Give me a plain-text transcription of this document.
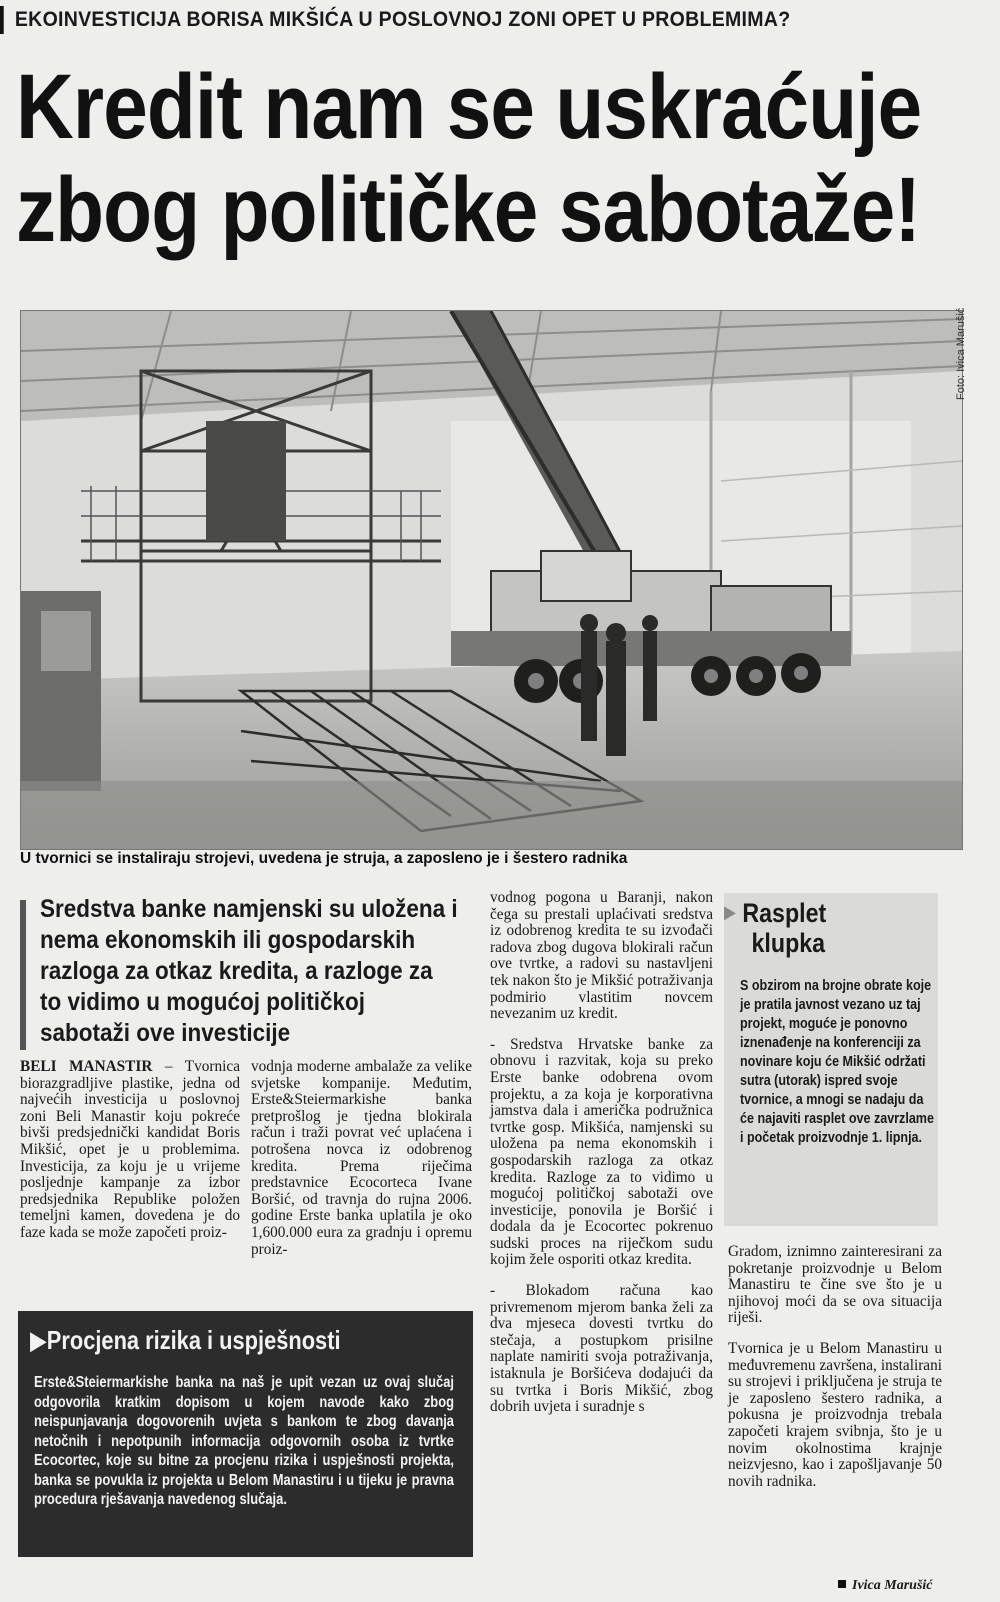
EKOINVESTICIJA BORISA MIKŠIĆA U POSLOVNOJ ZONI OPET U PROBLEMIMA?
Kredit nam se uskraćuje
zbog političke sabotaže!
Foto: Ivica Marušić
U tvornici se instaliraju strojevi, uvedena je struja, a zaposleno je i šestero radnika
Sredstva banke namjenski su uložena i
nema ekonomskih ili gospodarskih
razloga za otkaz kredita, a razloge za
to vidimo u mogućoj političkoj
sabotaži ove investicije

BELI MANASTIR – Tvornica biorazgradljive plastike, jedna od najvećih investicija u poslovnoj zoni Beli Manastir koju pokreće bivši predsjednički kandidat Boris Mikšić, opet je u problemima. Investicija, za koju je u vrijeme posljednje kampanje za izbor predsjednika Republike položen temeljni kamen, dovedena je do faze kada se može započeti proiz-

vodnja moderne ambalaže za velike svjetske kompanije. Međutim, Erste&Steiermarkishe banka pretprošlog je tjedna blokirala račun i traži povrat već uplaćena i potrošena novca iz odobrenog kredita. Prema riječima predstavnice Ecocorteca Ivane Boršić, od travnja do rujna 2006. godine Erste banka uplatila je oko 1,600.000 eura za gradnju i opremu proiz-

vodnog pogona u Baranji, nakon čega su prestali uplaćivati sredstva iz odobrenog kredita te su izvođači radova zbog dugova blokirali račun ove tvrtke, a radovi su nastavljeni tek nakon što je Mikšić potraživanja podmirio vlastitim novcem nevezanim uz kredit.

- Sredstva Hrvatske banke za obnovu i razvitak, koja su preko Erste banke odobrena ovom projektu, a za koja je korporativna jamstva dala i američka podružnica tvrtke gosp. Mikšića, namjenski su uložena pa nema ekonomskih i gospodarskih razloga za otkaz kredita. Razloge za to vidimo u mogućoj političkoj sabotaži ove investicije, ponovila je Boršić i dodala da je Ecocortec pokrenuo sudski proces na riječkom sudu kojim žele osporiti otkaz kredita.

- Blokadom računa kao privremenom mjerom banka želi za dva mjeseca dovesti tvrtku do stečaja, a postupkom prisilne naplate namiriti svoja potraživanja, istaknula je Boršićeva dodajući da su tvrtka i Boris Mikšić, zbog dobrih uvjeta i suradnje s

▶Procjena rizika i uspješnosti
Erste&Steiermarkishe banka na naš je upit vezan uz ovaj slučaj odgovorila kratkim dopisom u kojem navode kako zbog neispunjavanja dogovorenih uvjeta s bankom te zbog davanja netočnih i nepotpunih informacija odgovornih osoba iz tvrtke Ecocortec, koje su bitne za procjenu rizika i uspješnosti projekta, banka se povukla iz projekta u Belom Manastiru i u tijeku je pravna procedura rješavanja navedenog slučaja.
▶ Rasplet
klupka
S obzirom na brojne obrate koje je pratila javnost vezano uz taj projekt, moguće je ponovno iznenađenje na konferenciji za novinare koju će Mikšić održati sutra (utorak) ispred svoje tvornice, a mnogi se nadaju da će najaviti rasplet ove zavrzlame i početak proizvodnje 1. lipnja.

Gradom, iznimno zainteresirani za pokretanje proizvodnje u Belom Manastiru te čine sve što je u njihovoj moći da se ova situacija riješi.

Tvornica je u Belom Manastiru u međuvremenu završena, instalirani su strojevi i priključena je struja te je zaposleno šestero radnika, a pokusna je proizvodnja trebala započeti krajem svibnja, što je u novim okolnostima krajnje neizvjesno, kao i zapošljavanje 50 novih radnika.

Ivica Marušić
